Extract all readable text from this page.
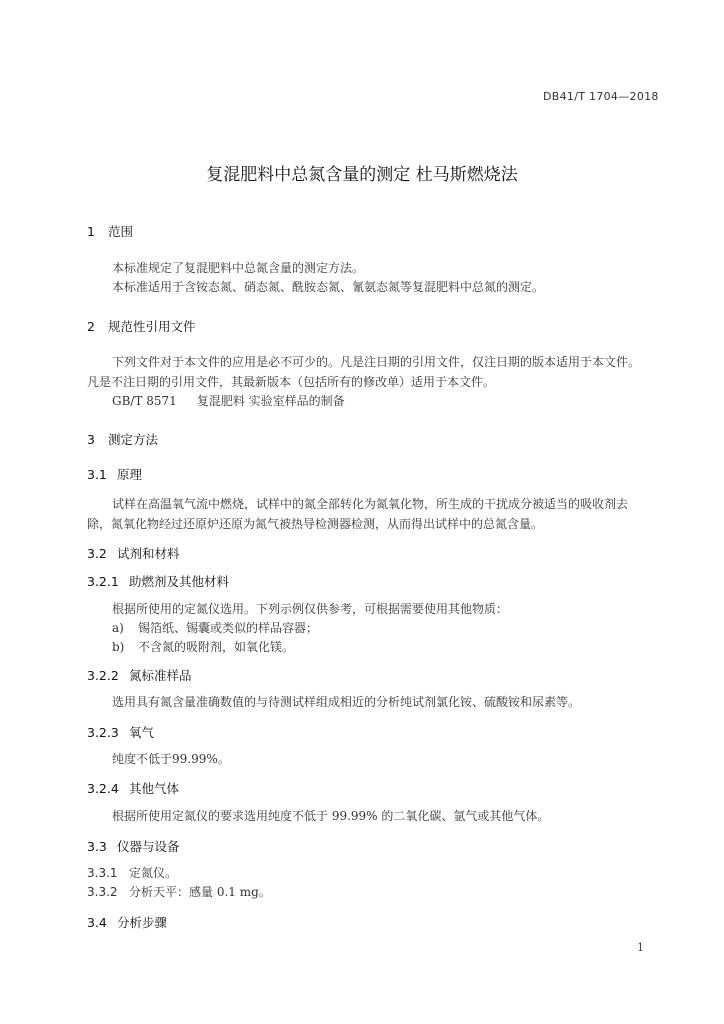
DB41/T 1704—2018
复混肥料中总氮含量的测定 杜马斯燃烧法
1 范围
本标准规定了复混肥料中总氮含量的测定方法。
本标准适用于含铵态氮、硝态氮、酰胺态氮、氰氨态氮等复混肥料中总氮的测定。
2 规范性引用文件
下列文件对于本文件的应用是必不可少的。凡是注日期的引用文件，仅注日期的版本适用于本文件。
凡是不注日期的引用文件，其最新版本（包括所有的修改单）适用于本文件。
GB/T 8571 复混肥料 实验室样品的制备
3 测定方法
3.1 原理
试样在高温氧气流中燃烧，试样中的氮全部转化为氮氧化物，所生成的干扰成分被适当的吸收剂去
除，氮氧化物经过还原炉还原为氮气被热导检测器检测，从而得出试样中的总氮含量。
3.2 试剂和材料
3.2.1 助燃剂及其他材料
根据所使用的定氮仪选用。下列示例仅供参考，可根据需要使用其他物质：
a) 锡箔纸、锡囊或类似的样品容器；
b) 不含氮的吸附剂，如氧化镁。
3.2.2 氮标准样品
选用具有氮含量准确数值的与待测试样组成相近的分析纯试剂氯化铵、硫酸铵和尿素等。
3.2.3 氧气
纯度不低于99.99%。
3.2.4 其他气体
根据所使用定氮仪的要求选用纯度不低于 99.99% 的二氧化碳、氩气或其他气体。
3.3 仪器与设备
3.3.1 定氮仪。
3.3.2 分析天平：感量 0.1 mg。
3.4 分析步骤
1
